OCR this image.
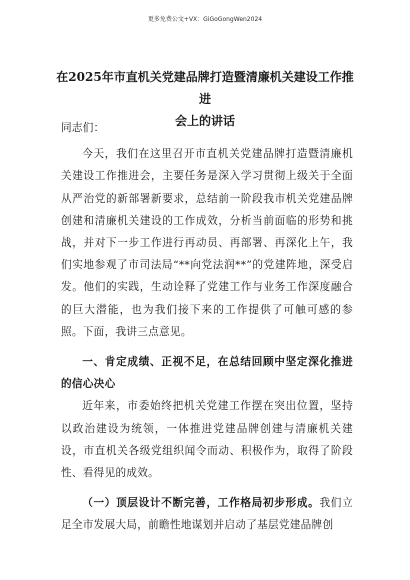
更多免费公文+VX：GiGoGongWen2024
在2025年市直机关党建品牌打造暨清廉机关建设工作推进
会上的讲话

同志们：

今天，我们在这里召开市直机关党建品牌打造暨清廉机关建设工作推进会，主要任务是深入学习贯彻上级关于全面从严治党的新部署新要求，总结前一阶段我市机关党建品牌创建和清廉机关建设的工作成效，分析当前面临的形势和挑战，并对下一步工作进行再动员、再部署、再深化上午，我们实地参观了市司法局“**向党法润**”的党建阵地，深受启发。他们的实践，生动诠释了党建工作与业务工作深度融合的巨大潜能，也为我们接下来的工作提供了可触可感的参照。下面，我讲三点意见。

一、肯定成绩、正视不足，在总结回顾中坚定深化推进的信心决心

近年来，市委始终把机关党建工作摆在突出位置，坚持以政治建设为统领，一体推进党建品牌创建与清廉机关建设，市直机关各级党组织闻令而动、积极作为，取得了阶段性、看得见的成效。

（一）顶层设计不断完善，工作格局初步形成。我们立足全市发展大局，前瞻性地谋划并启动了基层党建品牌创
